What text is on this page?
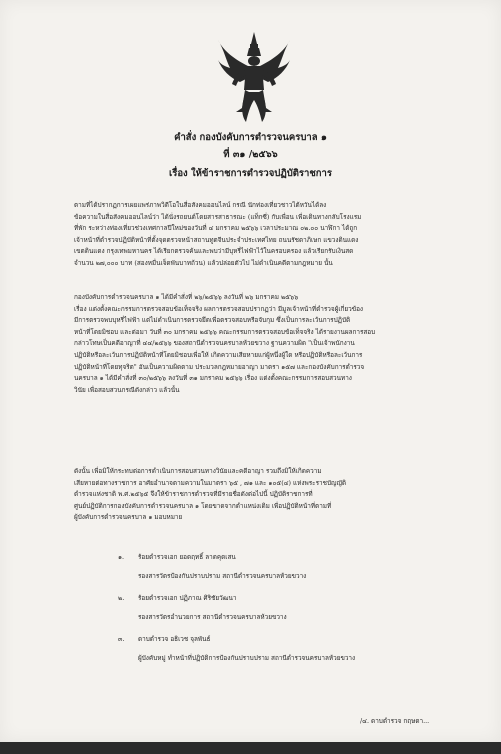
คำสั่ง กองบังคับการตำรวจนครบาล ๑
ที่ ๓๑ /๒๕๖๖
เรื่อง ให้ข้าราชการตำรวจปฏิบัติราชการ
ตามที่ได้ปรากฏการเผยแพร่ภาพวิดีโอในสื่อสังคมออนไลน์ กรณี นักท่องเที่ยวชาวไต้หวันได้ลง
ข้อความในสื่อสังคมออนไลน์ว่า ได้นั่งรถยนต์โดยสารสาธารณะ (แท็กซี่) กับเพื่อน เพื่อเดินทางกลับโรงแรม
ที่พัก ระหว่างท่องเที่ยวช่วงเทศกาลปีใหม่ของวันที่ ๔ มกราคม ๒๕๖๖ เวลาประมาณ ๐๒.๐๐ นาฬิกา ได้ถูก
เจ้าหน้าที่ตำรวจปฏิบัติหน้าที่ตั้งจุดตรวจหน้าสถานทูตจีนประจำประเทศไทย ถนนรัชดาภิเษก แขวงดินแดง
เขตดินแดง กรุงเทพมหานคร ได้เรียกตรวจค้นและพบว่ามีบุหรี่ไฟฟ้าไว้ในครอบครอง แล้วเรียกรับเงินสด
จำนวน ๒๗,๐๐๐ บาท (สองหมื่นเจ็ดพันบาทถ้วน) แล้วปล่อยตัวไป ไม่ดำเนินคดีตามกฎหมาย นั้น
กองบังคับการตำรวจนครบาล ๑ ได้มีคำสั่งที่ ๒๖/๒๕๖๖ ลงวันที่ ๒๖ มกราคม ๒๕๖๖
เรื่อง แต่งตั้งคณะกรรมการตรวจสอบข้อเท็จจริง ผลการตรวจสอบปรากฏว่า มีมูลเจ้าหน้าที่ตำรวจผู้เกี่ยวข้อง
มีการตรวจพบบุหรี่ไฟฟ้า แต่ไม่ดำเนินการตรวจยึดเพื่อตรวจสอบหรือจับกุม ซึ่งเป็นการละเว้นการปฏิบัติ
หน้าที่โดยมิชอบ และต่อมา วันที่ ๓๐ มกราคม ๒๕๖๖ คณะกรรมการตรวจสอบข้อเท็จจริง ได้รายงานผลการสอบ
กล่าวโทษเป็นคดีอาญาที่ ๔๔/๒๕๖๖ ของสถานีตำรวจนครบาลห้วยขวาง ฐานความผิด "เป็นเจ้าพนักงาน
ปฏิบัติหรือละเว้นการปฏิบัติหน้าที่โดยมิชอบเพื่อให้ เกิดความเสียหายแก่ผู้หนึ่งผู้ใด หรือปฏิบัติหรือละเว้นการ
ปฏิบัติหน้าที่โดยทุจริต" อันเป็นความผิดตาม ประมวลกฎหมายอาญา มาตรา ๑๕๗ และกองบังคับการตำรวจ
นครบาล ๑ ได้มีคำสั่งที่ ๓๐/๒๕๖๖ ลงวันที่ ๓๑ มกราคม ๒๕๖๖ เรื่อง แต่งตั้งคณะกรรมการสอบสวนทาง
วินัย เพื่อสอบสวนกรณีดังกล่าว แล้วนั้น
ดังนั้น เพื่อมิให้กระทบต่อการดำเนินการสอบสวนทางวินัยและคดีอาญา รวมถึงมิให้เกิดความ
เสียหายต่อทางราชการ อาศัยอำนาจตามความในมาตรา ๖๕ , ๗๑ และ ๑๐๕(๔) แห่งพระราชบัญญัติ
ตำรวจแห่งชาติ พ.ศ.๒๕๖๕ จึงให้ข้าราชการตำรวจที่มีรายชื่อดังต่อไปนี้ ปฏิบัติราชการที่
ศูนย์ปฏิบัติการกองบังคับการตำรวจนครบาล ๑ โดยขาดจากตำแหน่งเดิม เพื่อปฏิบัติหน้าที่ตามที่
ผู้บังคับการตำรวจนครบาล ๑ มอบหมาย
๑. ร้อยตำรวจเอก ยอดฤทธิ์ ลาดคุดเสน
รองสารวัตรป้องกันปราบปราม สถานีตำรวจนครบาลห้วยขวาง
๒. ร้อยตำรวจเอก ปฏิภาณ ศิริชัยวัฒนา
รองสารวัตรอำนวยการ สถานีตำรวจนครบาลห้วยขวาง
๓. ดาบตำรวจ อธิเวช จุลพันธ์
ผู้บังคับหมู่ ทำหน้าที่ปฏิบัติการป้องกันปราบปราม สถานีตำรวจนครบาลห้วยขวาง
/๔. ดาบตำรวจ กฤษดา...
